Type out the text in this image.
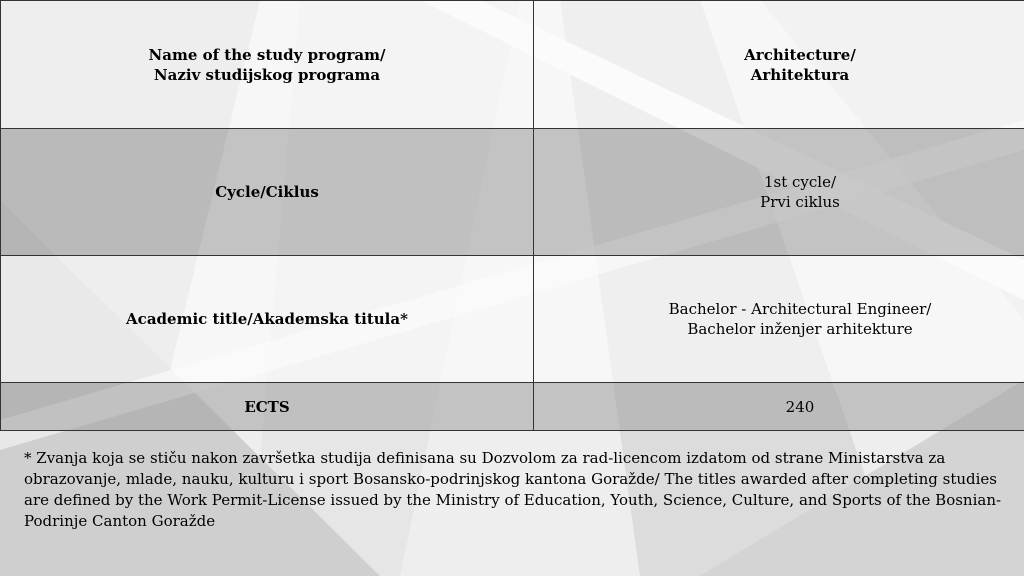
Name of the study program/
Naziv studijskog programa	Architecture/
Arhitektura

Cycle/Ciklus	1st cycle/
Prvi ciklus

Academic title/Akademska titula*	Bachelor - Architectural Engineer/
Bachelor inženjer arhitekture

ECTS	240
* Zvanja koja se stiču nakon završetka studija definisana su Dozvolom za rad-licencom izdatom od strane Ministarstva za obrazovanje, mlade, nauku, kulturu i sport Bosansko-podrinjskog kantona Goražde/ The titles awarded after completing studies are defined by the Work Permit-License issued by the Ministry of Education, Youth, Science, Culture, and Sports of the Bosnian-Podrinje Canton Goražde
